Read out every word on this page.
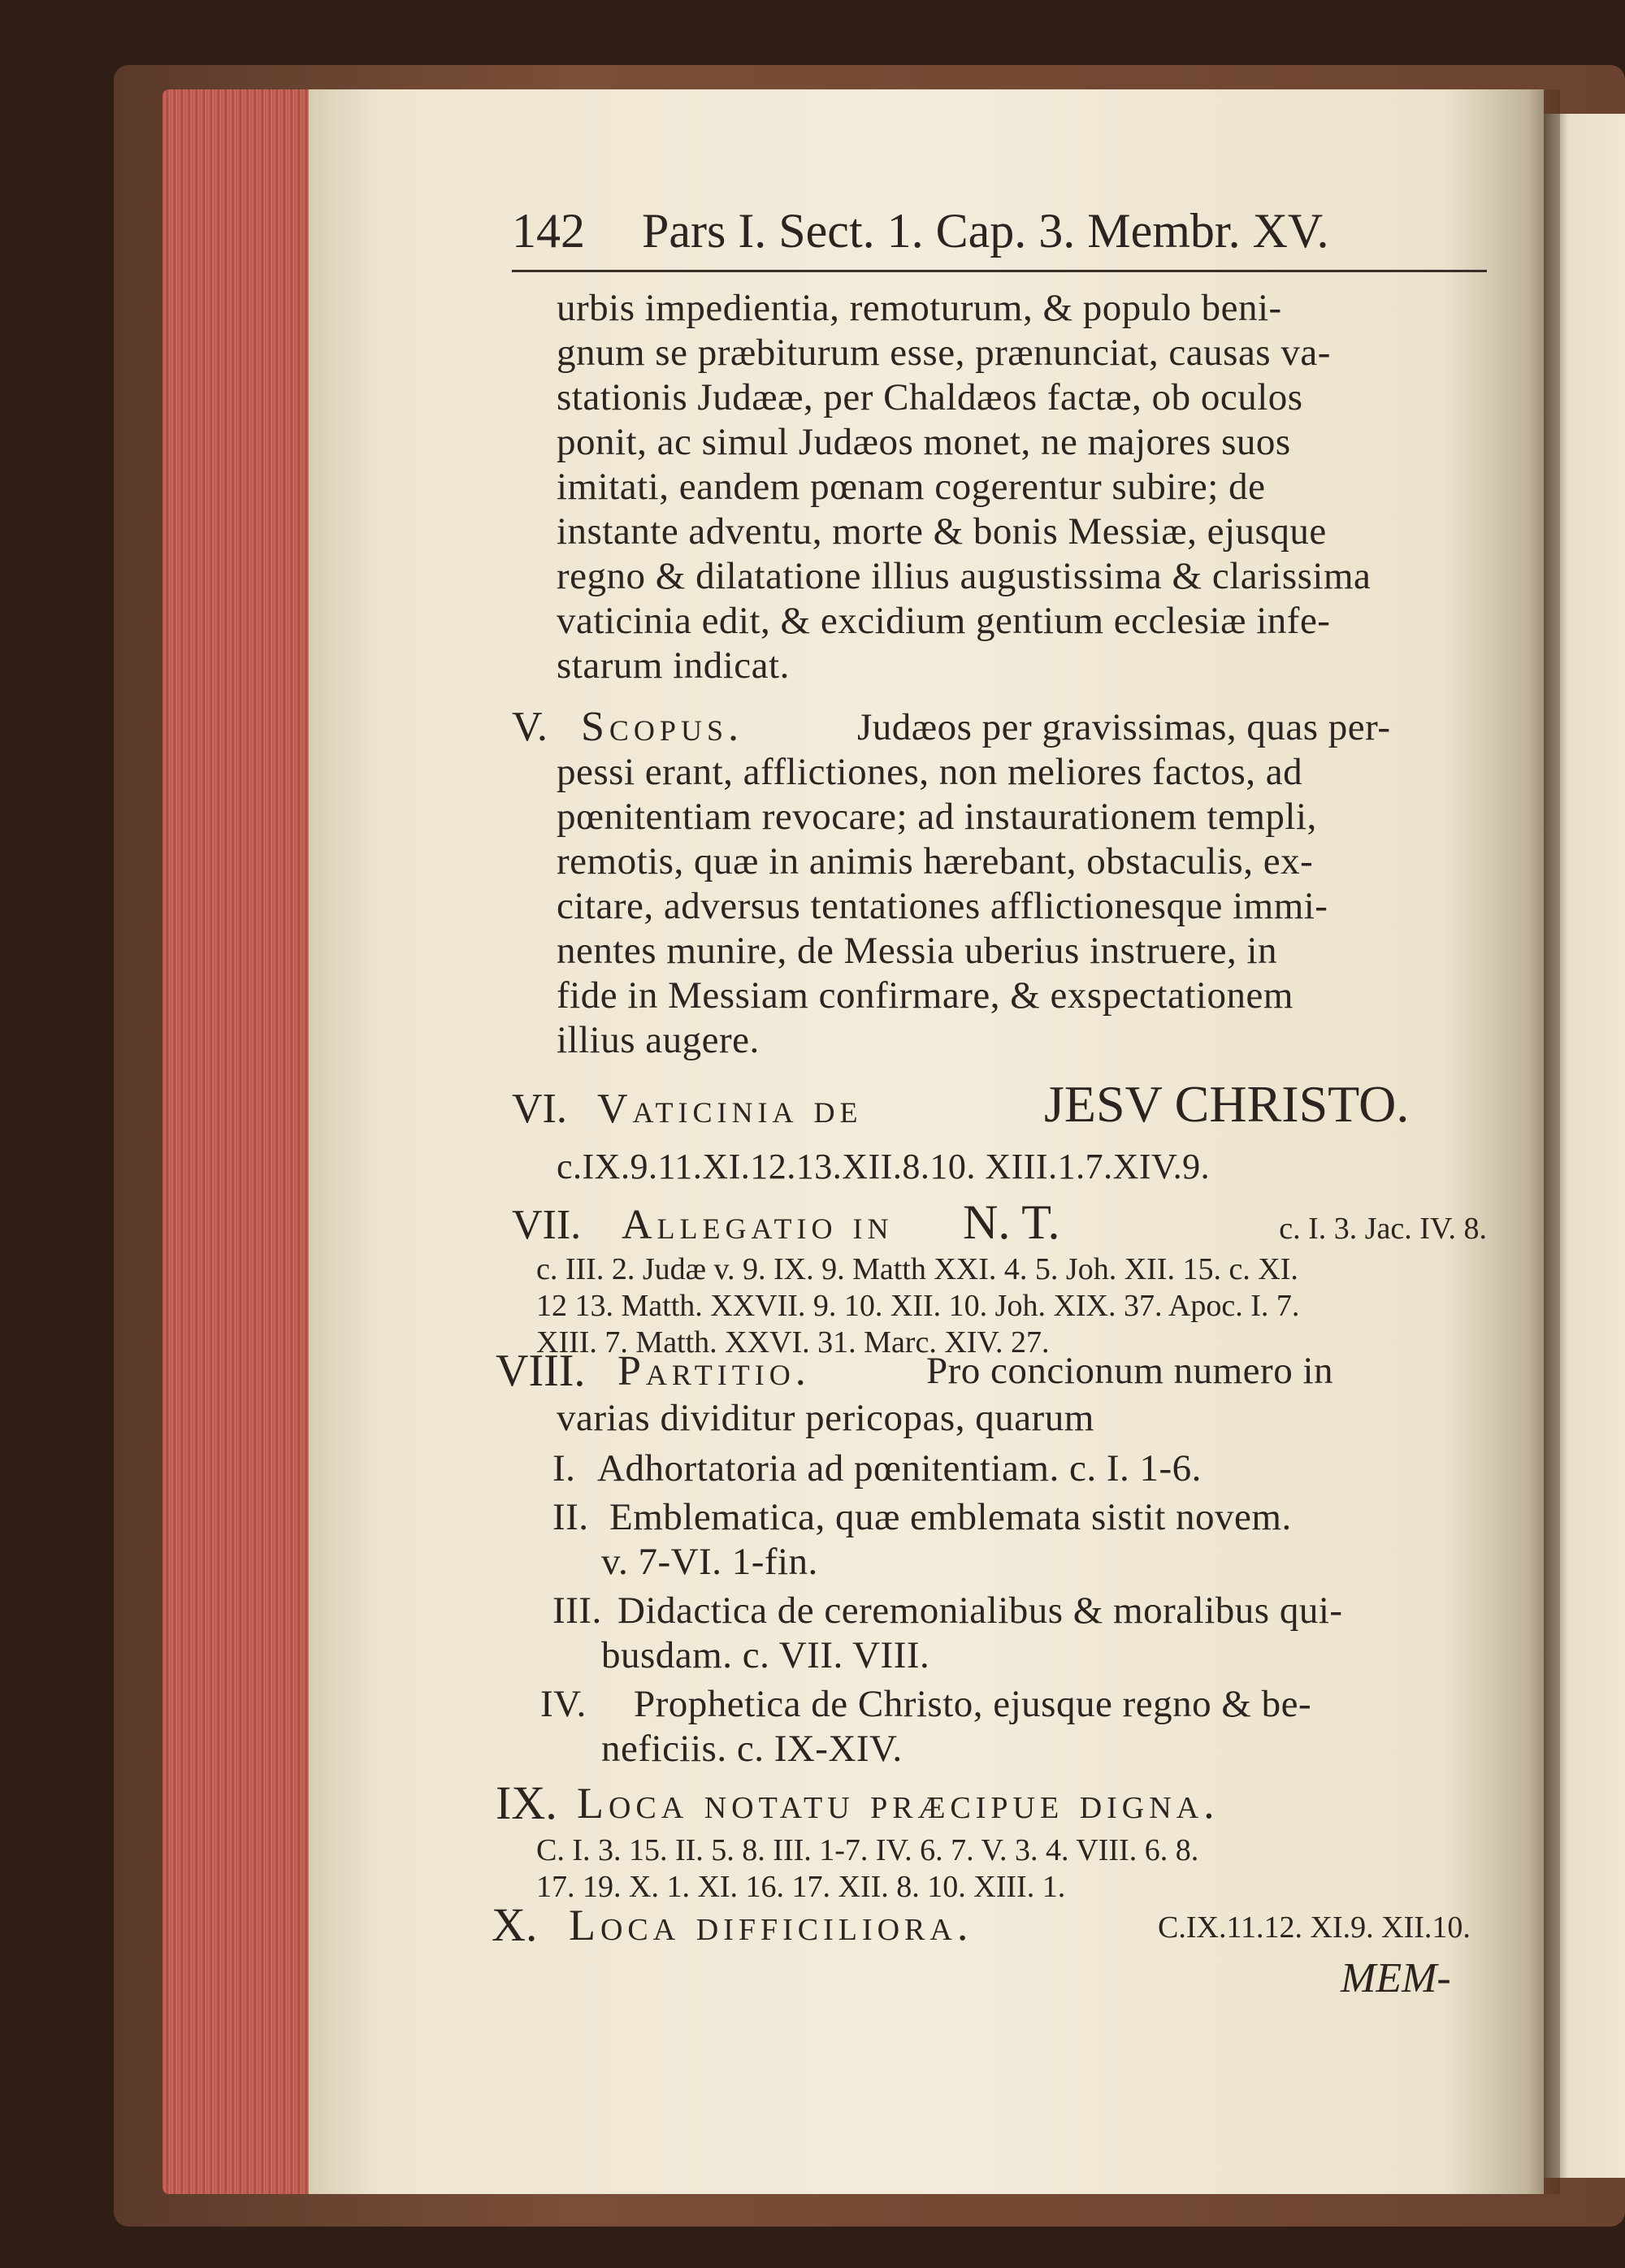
142 Pars I. Sect. 1. Cap. 3. Membr. XV.
urbis impedientia, remoturum, & populo beni-
gnum se præbiturum esse, prænunciat, causas va-
stationis Judææ, per Chaldæos factæ, ob oculos
ponit, ac simul Judæos monet, ne majores suos
imitati, eandem pœnam cogerentur subire; de
instante adventu, morte & bonis Messiæ, ejusque
regno & dilatatione illius augustissima & clarissima
vaticinia edit, & excidium gentium ecclesiæ infe-
starum indicat.
V. Scopus.	Judæos per gravissimas, quas per-
pessi erant, afflictiones, non meliores factos, ad
pœnitentiam revocare; ad instaurationem templi,
remotis, quæ in animis hærebant, obstaculis, ex-
citare, adversus tentationes afflictionesque immi-
nentes munire, de Messia uberius instruere, in
fide in Messiam confirmare, & exspectationem
illius augere.
VI. Vaticinia de	JESV CHRISTO.
c.IX.9.11.XI.12.13.XII.8.10. XIII.1.7.XIV.9.
VII. Allegatio in N. T.	c. I. 3. Jac. IV. 8.
c. III. 2. Judæ v. 9. IX. 9. Matth XXI. 4. 5. Joh. XII. 15. c. XI.
12 13. Matth. XXVII. 9. 10. XII. 10. Joh. XIX. 37. Apoc. I. 7.
XIII. 7. Matth. XXVI. 31. Marc. XIV. 27.
VIII. Partitio.	Pro concionum numero in
varias dividitur pericopas, quarum
I. Adhortatoria ad pœnitentiam. c. I. 1-6.
II. Emblematica, quæ emblemata sistit novem.
v. 7-VI. 1-fin.
III. Didactica de ceremonialibus & moralibus qui-
busdam. c. VII. VIII.
IV. Prophetica de Christo, ejusque regno & be-
neficiis. c. IX-XIV.
IX. Loca notatu præcipue digna.
C. I. 3. 15. II. 5. 8. III. 1-7. IV. 6. 7. V. 3. 4. VIII. 6. 8.
17. 19. X. 1. XI. 16. 17. XII. 8. 10. XIII. 1.
X. Loca difficiliora.	C.IX.11.12. XI.9. XII.10.
MEM-
